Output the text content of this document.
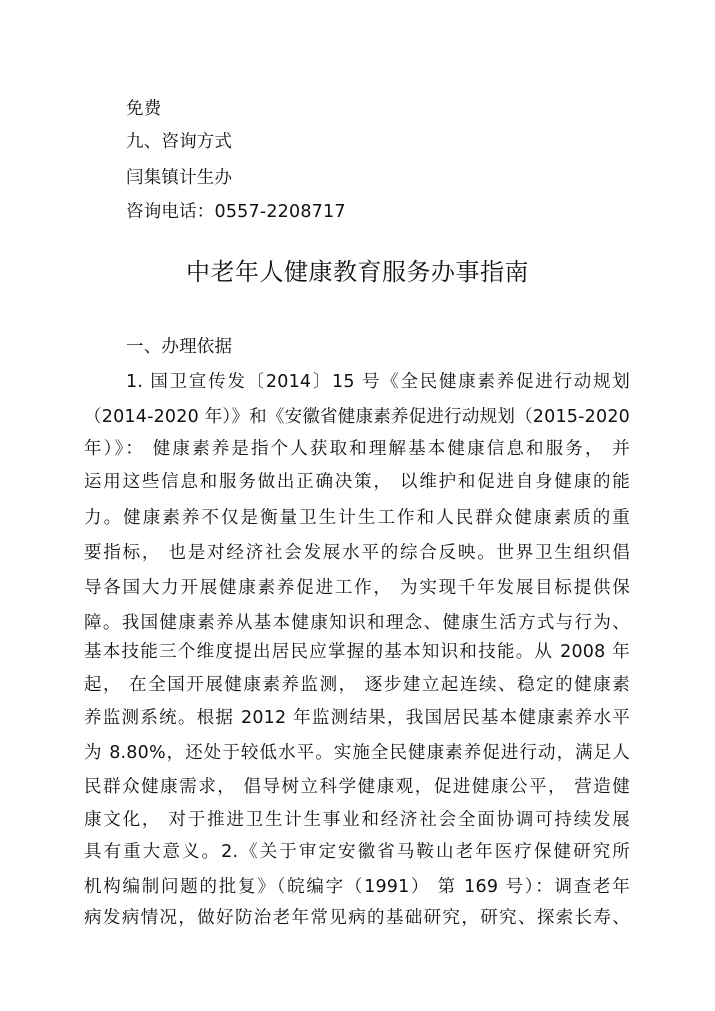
免费
九、咨询方式
闫集镇计生办
咨询电话：0557-2208717
中老年人健康教育服务办事指南
一、办理依据
1. 国卫宣传发〔2014〕15 号《全民健康素养促进行动规划
（2014-2020 年）》和《安徽省健康素养促进行动规划（2015-2020
年）》： 健康素养是指个人获取和理解基本健康信息和服务， 并
运用这些信息和服务做出正确决策， 以维护和促进自身健康的能
力。健康素养不仅是衡量卫生计生工作和人民群众健康素质的重
要指标， 也是对经济社会发展水平的综合反映。世界卫生组织倡
导各国大力开展健康素养促进工作， 为实现千年发展目标提供保
障。我国健康素养从基本健康知识和理念、健康生活方式与行为、
基本技能三个维度提出居民应掌握的基本知识和技能。从 2008 年
起， 在全国开展健康素养监测， 逐步建立起连续、稳定的健康素
养监测系统。根据 2012 年监测结果，我国居民基本健康素养水平
为 8.80%，还处于较低水平。实施全民健康素养促进行动，满足人
民群众健康需求， 倡导树立科学健康观，促进健康公平， 营造健
康文化， 对于推进卫生计生事业和经济社会全面协调可持续发展
具有重大意义。2.《关于审定安徽省马鞍山老年医疗保健研究所
机构编制问题的批复》（皖编字（1991） 第 169 号）：调查老年
病发病情况，做好防治老年常见病的基础研究，研究、探索长寿、
